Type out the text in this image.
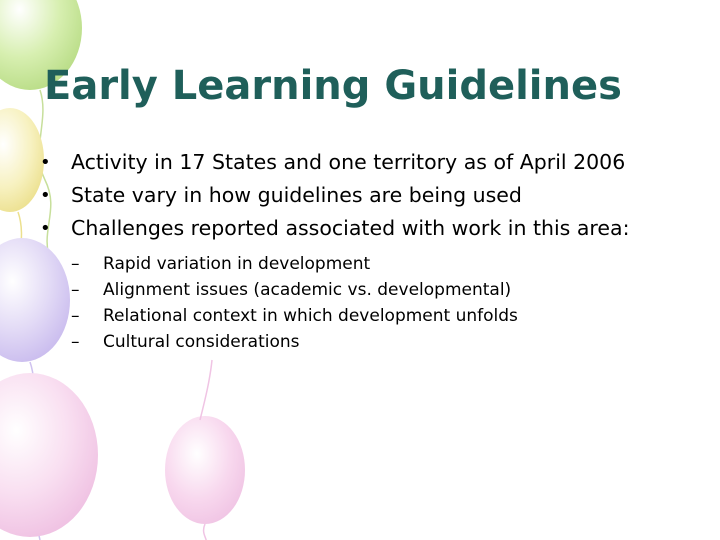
Early Learning Guidelines
• Activity in 17 States and one territory as of April 2006
• State vary in how guidelines are being used
• Challenges reported associated with work in this area:
– Rapid variation in development
– Alignment issues (academic vs. developmental)
– Relational context in which development unfolds
– Cultural considerations
